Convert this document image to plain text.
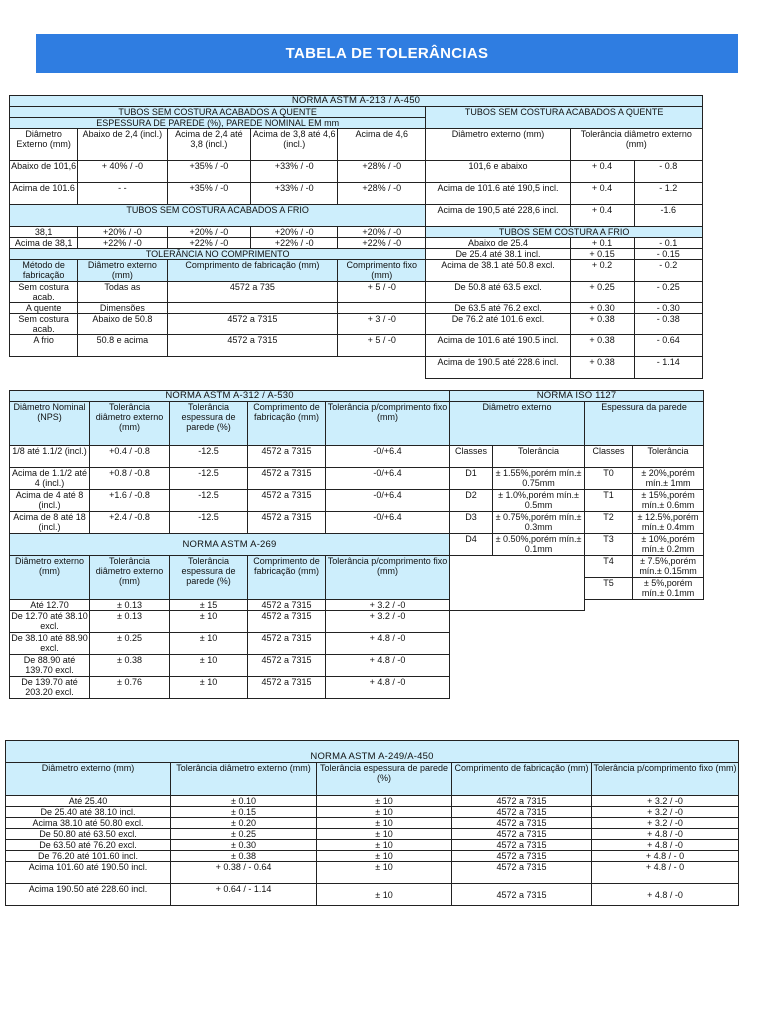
TABELA DE TOLERÂNCIAS
NORMA ASTM A-213 / A-450							
TUBOS SEM COSTURA ACABADOS A QUENTE					TUBOS SEM COSTURA ACABADOS A QUENTE		
ESPESSURA DE PAREDE (%), PAREDE NOMINAL EM mm							
Diâmetro Externo (mm)	Abaixo de 2,4 (incl.)	Acima de 2,4 até 3,8 (incl.)	Acima de 3,8 até 4,6 (incl.)	Acima de 4,6	Diâmetro externo (mm)	Tolerância diâmetro externo (mm)	
Abaixo de 101,6	+ 40% / -0	+35% / -0	+33% / -0	+28% / -0	101,6 e abaixo	+ 0.4	- 0.8
Acima de 101.6	- -	+35% / -0	+33% / -0	+28% / -0	Acima de 101.6 até 190,5 incl.	+ 0.4	- 1.2
TUBOS SEM COSTURA ACABADOS A FRIO					Acima de 190,5 até 228,6 incl.	+ 0.4	-1.6
38,1	+20% / -0	+20% / -0	+20% / -0	+20% / -0	TUBOS SEM COSTURA A FRIO		
Acima de 38,1	+22% / -0	+22% / -0	+22% / -0	+22% / -0	Abaixo de 25.4	+ 0.1	- 0.1
TOLERÂNCIA NO COMPRIMENTO					De 25.4 até 38.1 incl.	+ 0.15	- 0.15
Método de fabricação	Diâmetro externo (mm)	Comprimento de fabricação (mm)		Comprimento fixo (mm)	Acima de 38.1 até 50.8 excl.	+ 0.2	- 0.2
Sem costura acab.	Todas as	4572 a 735		+ 5 / -0	De 50.8 até 63.5 excl.	+ 0.25	- 0.25
A quente	Dimensões				De 63.5 até 76.2 excl.	+ 0.30	- 0.30
Sem costura acab.	Abaixo de 50.8	4572 a 7315		+ 3 / -0	De 76.2 até 101.6 excl.	+ 0.38	- 0.38
A frio	50.8 e acima	4572 a 7315		+ 5 / -0	Acima de 101.6 até 190.5 incl.	+ 0.38	- 0.64
					Acima de 190.5 até 228.6 incl.	+ 0.38	- 1.14
NORMA ASTM A-312 / A-530					NORMA ISO 1127			
Diâmetro Nominal (NPS)	Tolerância diâmetro externo (mm)	Tolerância espessura de parede (%)	Comprimento de fabricação (mm)	Tolerância p/comprimento fixo (mm)	Diâmetro externo		Espessura da parede	
1/8 até 1.1/2 (incl.)	+0.4 / -0.8	-12.5	4572 a 7315	-0/+6.4	Classes	Tolerância	Classes	Tolerância
Acima de 1.1/2 até 4 (incl.)	+0.8 / -0.8	-12.5	4572 a 7315	-0/+6.4	D1	± 1.55%,porém mín.± 0.75mm	T0	± 20%,porém mín.± 1mm
Acima de 4 até 8 (incl.)	+1.6 / -0.8	-12.5	4572 a 7315	-0/+6.4	D2	± 1.0%,porém mín.± 0.5mm	T1	± 15%,porém mín.± 0.6mm
Acima de 8 até 18 (incl.)	+2.4 / -0.8	-12.5	4572 a 7315	-0/+6.4	D3	± 0.75%,porém mín.± 0.3mm	T2	± 12.5%,porém mín.± 0.4mm
NORMA ASTM A-269					D4	± 0.50%,porém mín.± 0.1mm	T3	± 10%,porém mín.± 0.2mm
Diâmetro externo (mm)	Tolerância diâmetro externo (mm)	Tolerância espessura de parede (%)	Comprimento de fabricação (mm)	Tolerância p/comprimento fixo (mm)			T4	± 7.5%,porém mín.± 0.15mm
							T5	± 5%,porém mín.± 0.1mm
Até 12.70	± 0.13	± 15	4572 a 7315	+ 3.2 / -0				
De 12.70 até 38.10 excl.	± 0.13	± 10	4572 a 7315	+ 3.2 / -0				
De 38.10 até 88.90 excl.	± 0.25	± 10	4572 a 7315	+ 4.8 / -0				
De 88.90 até 139.70 excl.	± 0.38	± 10	4572 a 7315	+ 4.8 / -0				
De 139.70 até 203.20 excl.	± 0.76	± 10	4572 a 7315	+ 4.8 / -0				
NORMA ASTM A-249/A-450				
Diâmetro externo (mm)	Tolerância diâmetro externo (mm)	Tolerância espessura de parede (%)	Comprimento de fabricação (mm)	Tolerância p/comprimento fixo (mm)
Até 25.40	± 0.10	± 10	4572 a 7315	+ 3.2 / -0
De 25.40 até 38.10 incl.	± 0.15	± 10	4572 a 7315	+ 3.2 / -0
Acima 38.10 até 50.80 excl.	± 0.20	± 10	4572 a 7315	+ 3.2 / -0
De 50.80 até 63.50 excl.	± 0.25	± 10	4572 a 7315	+ 4.8 / -0
De 63.50 até 76.20 excl.	± 0.30	± 10	4572 a 7315	+ 4.8 / -0
De 76.20 até 101.60 incl.	± 0.38	± 10	4572 a 7315	+ 4.8 / - 0
Acima 101.60 até 190.50 incl.	+ 0.38 / - 0.64	± 10	4572 a 7315	+ 4.8 / - 0
Acima 190.50 até 228.60 incl.	+ 0.64 / - 1.14	± 10	4572 a 7315	+ 4.8 / -0
